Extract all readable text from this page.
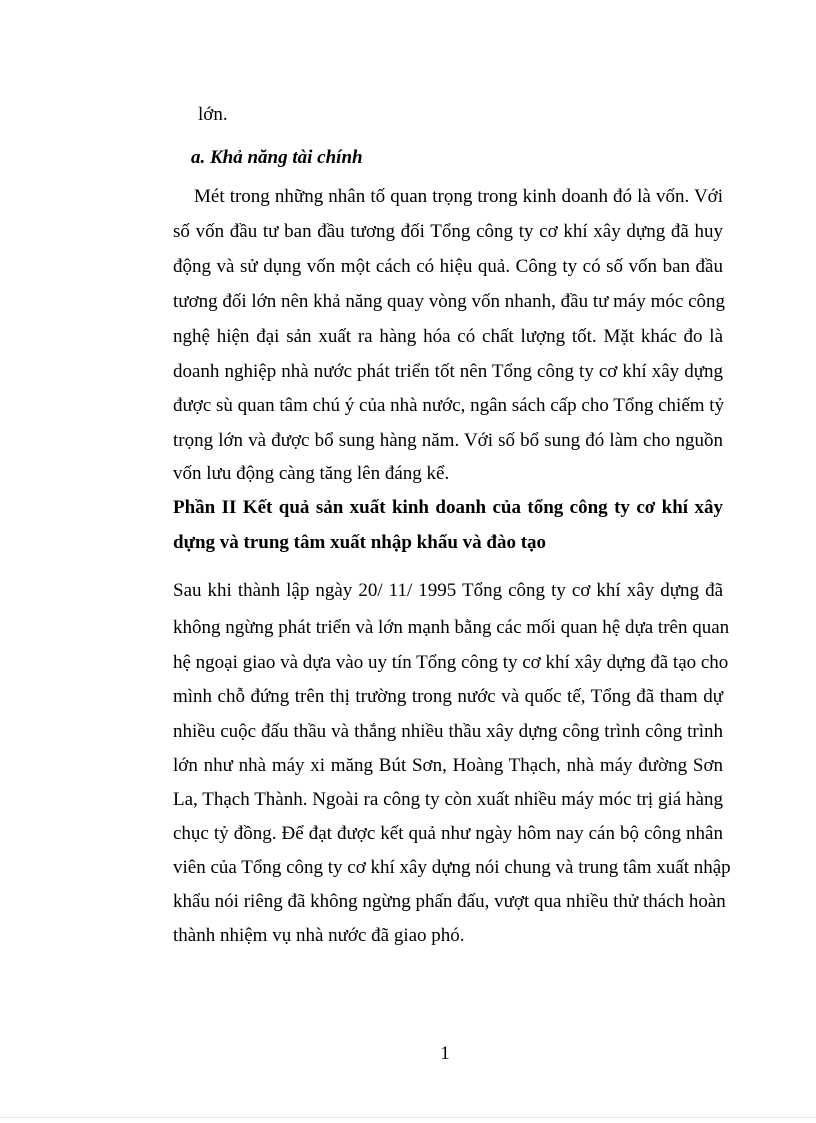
lớn.
a. Khả năng tài chính
Mét trong những nhân tố quan trọng trong kinh doanh đó là vốn. Với
số vốn đầu tư ban đầu tương đối Tổng công ty cơ khí xây dựng đã huy
động và sử dụng vốn một cách có hiệu quả. Công ty có số vốn ban đầu
tương đối lớn nên khả năng quay vòng vốn nhanh, đầu tư máy móc công
nghệ hiện đại sản xuất ra hàng hóa có chất lượng tốt. Mặt khác đo là
doanh nghiệp nhà nước phát triển tốt nên Tổng công ty cơ khí xây dựng
được sù quan tâm chú ý của nhà nước, ngân sách cấp cho Tổng chiếm tỷ
trọng lớn và được bổ sung hàng năm. Với số bổ sung đó làm cho nguồn
vốn lưu động càng tăng lên đáng kể.
Phần II Kết quả sản xuất kinh doanh của tổng công ty cơ khí xây
dựng và trung tâm xuất nhập khẩu và đào tạo
Sau khi thành lập ngày 20/ 11/ 1995 Tổng công ty cơ khí xây dựng đã
không ngừng phát triển và lớn mạnh bằng các mối quan hệ dựa trên quan
hệ ngoại giao và dựa vào uy tín Tổng công ty cơ khí xây dựng đã tạo cho
mình chỗ đứng trên thị trường trong nước và quốc tế, Tổng đã tham dự
nhiều cuộc đấu thầu và thắng nhiều thầu xây dựng công trình công trình
lớn như nhà máy xi măng Bút Sơn, Hoàng Thạch, nhà máy đường Sơn
La, Thạch Thành. Ngoài ra công ty còn xuất nhiều máy móc trị giá hàng
chục tỷ đồng. Để đạt được kết quả như ngày hôm nay cán bộ công nhân
viên của Tổng công ty cơ khí xây dựng nói chung và trung tâm xuất nhập
khẩu nói riêng đã không ngừng phấn đấu, vượt qua nhiều thử thách hoàn
thành nhiệm vụ nhà nước đã giao phó.
1
